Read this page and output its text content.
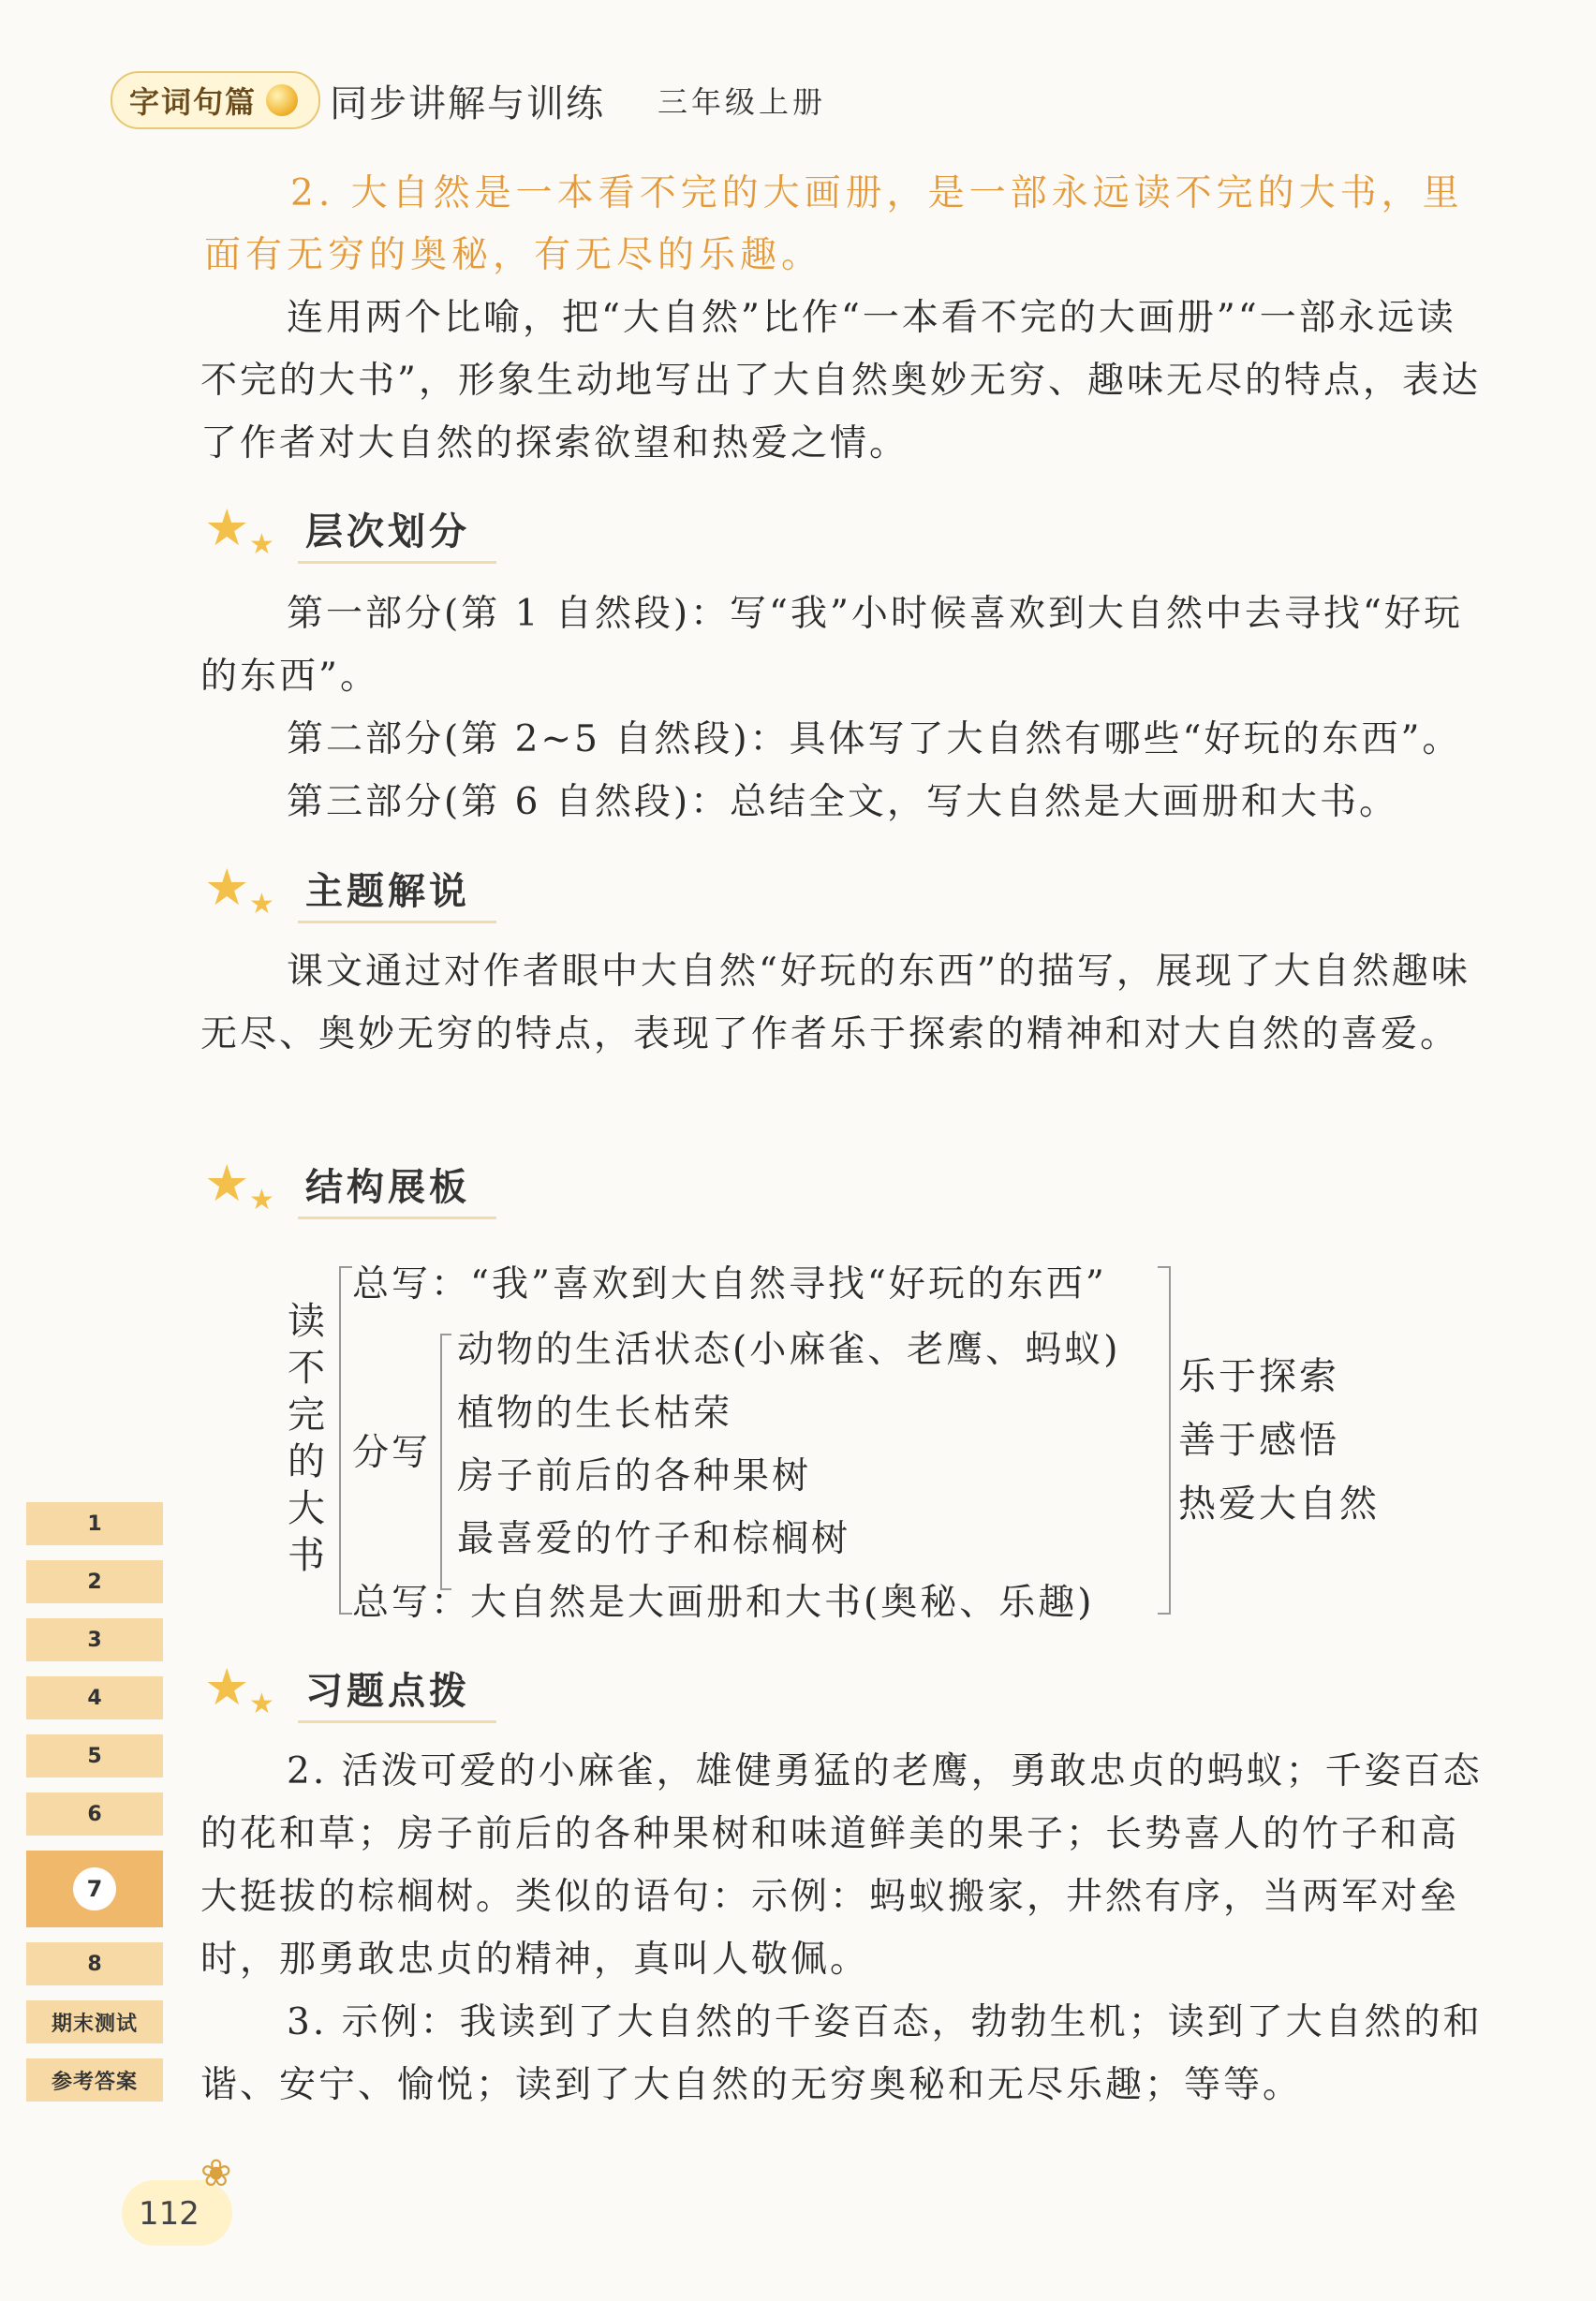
字词句篇 同步讲解与训练 三年级上册

2. 大自然是一本看不完的大画册，是一部永远读不完的大书，里
面有无穷的奥秘，有无尽的乐趣。

连用两个比喻，把“大自然”比作“一本看不完的大画册”“一部永远读不完的大书”，形象生动地写出了大自然奥妙无穷、趣味无尽的特点，表达了作者对大自然的探索欲望和热爱之情。

★ ★ 层次划分

第一部分(第 1 自然段)：写“我”小时候喜欢到大自然中去寻找“好玩的东西”。

第二部分(第 2~5 自然段)：具体写了大自然有哪些“好玩的东西”。

第三部分(第 6 自然段)：总结全文，写大自然是大画册和大书。

★ ★ 主题解说

课文通过对作者眼中大自然“好玩的东西”的描写，展现了大自然趣味无尽、奥妙无穷的特点，表现了作者乐于探索的精神和对大自然的喜爱。

★ ★ 结构展板
读
不
完
的
大
书
总写：“我”喜欢到大自然寻找“好玩的东西”
分写
动物的生活状态(小麻雀、老鹰、蚂蚁)
植物的生长枯荣
房子前后的各种果树
最喜爱的竹子和棕榈树
总写：大自然是大画册和大书(奥秘、乐趣)
乐于探索
善于感悟
热爱大自然
★ ★ 习题点拨

2. 活泼可爱的小麻雀，雄健勇猛的老鹰，勇敢忠贞的蚂蚁；千姿百态的花和草；房子前后的各种果树和味道鲜美的果子；长势喜人的竹子和高大挺拔的棕榈树。类似的语句：示例：蚂蚁搬家，井然有序，当两军对垒时，那勇敢忠贞的精神，真叫人敬佩。

3. 示例：我读到了大自然的千姿百态，勃勃生机；读到了大自然的和谐、安宁、愉悦；读到了大自然的无穷奥秘和无尽乐趣；等等。

1
2
3
4
5
6
7
8
期末测试
参考答案
❀
112
